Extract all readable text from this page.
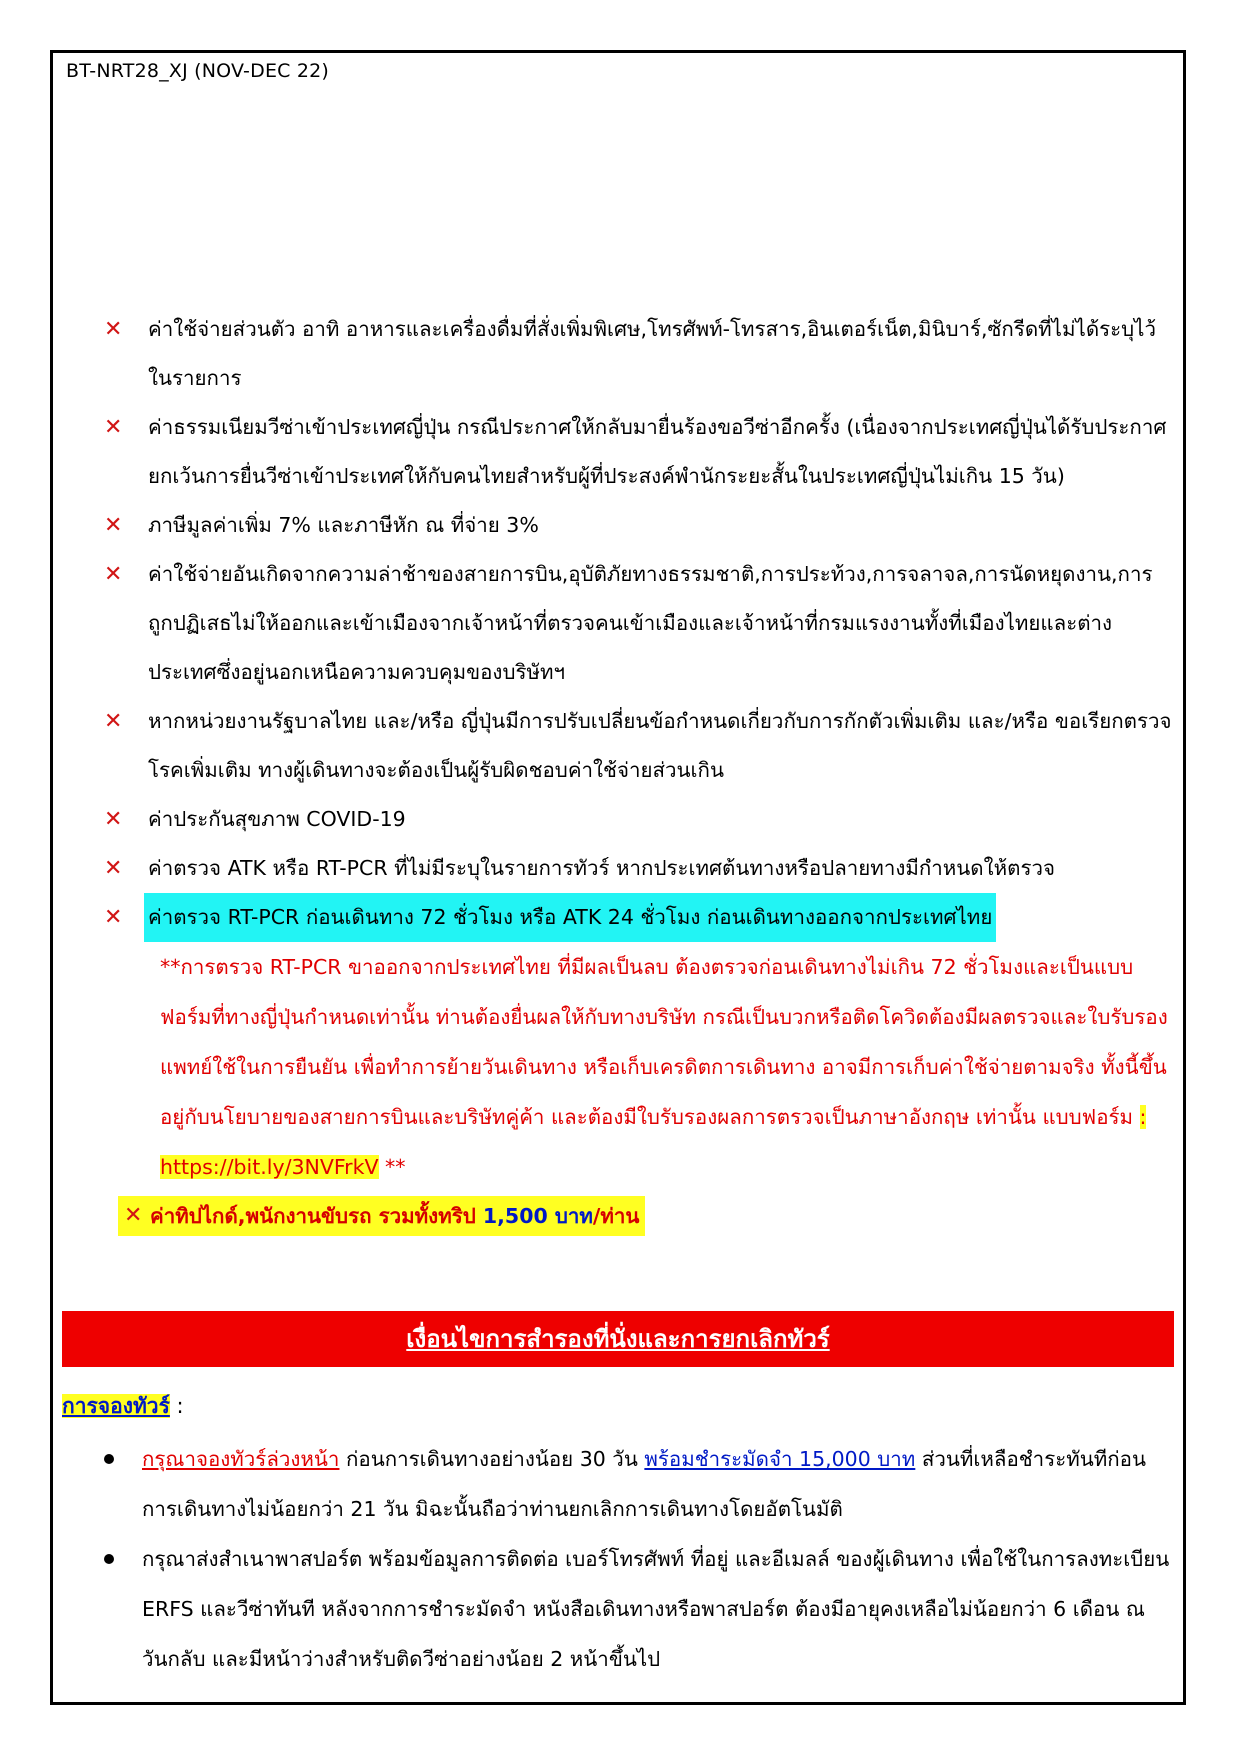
BT-NRT28_XJ (NOV-DEC 22)

✕	ค่าใช้จ่ายส่วนตัว อาทิ อาหารและเครื่องดื่มที่สั่งเพิ่มพิเศษ,โทรศัพท์-โทรสาร,อินเตอร์เน็ต,มินิบาร์,ซักรีดที่ไม่ได้ระบุไว้ในรายการ

✕	ค่าธรรมเนียมวีซ่าเข้าประเทศญี่ปุ่น กรณีประกาศให้กลับมายื่นร้องขอวีซ่าอีกครั้ง (เนื่องจากประเทศญี่ปุ่นได้รับประกาศยกเว้นการยื่นวีซ่าเข้าประเทศให้กับคนไทยสำหรับผู้ที่ประสงค์พำนักระยะสั้นในประเทศญี่ปุ่นไม่เกิน 15 วัน)

✕	ภาษีมูลค่าเพิ่ม 7% และภาษีหัก ณ ที่จ่าย 3%

✕	ค่าใช้จ่ายอันเกิดจากความล่าช้าของสายการบิน,อุบัติภัยทางธรรมชาติ,การประท้วง,การจลาจล,การนัดหยุดงาน,การถูกปฏิเสธไม่ให้ออกและเข้าเมืองจากเจ้าหน้าที่ตรวจคนเข้าเมืองและเจ้าหน้าที่กรมแรงงานทั้งที่เมืองไทยและต่างประเทศซึ่งอยู่นอกเหนือความควบคุมของบริษัทฯ

✕	หากหน่วยงานรัฐบาลไทย และ/หรือ ญี่ปุ่นมีการปรับเปลี่ยนข้อกำหนดเกี่ยวกับการกักตัวเพิ่มเติม และ/หรือ ขอเรียกตรวจโรคเพิ่มเติม ทางผู้เดินทางจะต้องเป็นผู้รับผิดชอบค่าใช้จ่ายส่วนเกิน

✕	ค่าประกันสุขภาพ COVID-19

✕	ค่าตรวจ ATK หรือ RT-PCR ที่ไม่มีระบุในรายการทัวร์ หากประเทศต้นทางหรือปลายทางมีกำหนดให้ตรวจ

✕	ค่าตรวจ RT-PCR ก่อนเดินทาง 72 ชั่วโมง หรือ ATK 24 ชั่วโมง ก่อนเดินทางออกจากประเทศไทย

**การตรวจ RT-PCR ขาออกจากประเทศไทย ที่มีผลเป็นลบ ต้องตรวจก่อนเดินทางไม่เกิน 72 ชั่วโมงและเป็นแบบฟอร์มที่ทางญี่ปุ่นกำหนดเท่านั้น ท่านต้องยื่นผลให้กับทางบริษัท กรณีเป็นบวกหรือติดโควิดต้องมีผลตรวจและใบรับรองแพทย์ใช้ในการยืนยัน เพื่อทำการย้ายวันเดินทาง หรือเก็บเครดิตการเดินทาง อาจมีการเก็บค่าใช้จ่ายตามจริง ทั้งนี้ขึ้นอยู่กับนโยบายของสายการบินและบริษัทคู่ค้า และต้องมีใบรับรองผลการตรวจเป็นภาษาอังกฤษ เท่านั้น แบบฟอร์ม : https://bit.ly/3NVFrkV **
✕ ค่าทิปไกด์,พนักงานขับรถ รวมทั้งทริป 1,500 บาท/ท่าน
เงื่อนไขการสำรองที่นั่งและการยกเลิกทัวร์
การจองทัวร์ :
กรุณาจองทัวร์ล่วงหน้า ก่อนการเดินทางอย่างน้อย 30 วัน พร้อมชำระมัดจำ 15,000 บาท ส่วนที่เหลือชำระทันทีก่อนการเดินทางไม่น้อยกว่า 21 วัน มิฉะนั้นถือว่าท่านยกเลิกการเดินทางโดยอัตโนมัติ
กรุณาส่งสำเนาพาสปอร์ต พร้อมข้อมูลการติดต่อ เบอร์โทรศัพท์ ที่อยู่ และอีเมลล์ ของผู้เดินทาง เพื่อใช้ในการลงทะเบียน ERFS และวีซ่าทันที หลังจากการชำระมัดจำ หนังสือเดินทางหรือพาสปอร์ต ต้องมีอายุคงเหลือไม่น้อยกว่า 6 เดือน ณ วันกลับ และมีหน้าว่างสำหรับติดวีซ่าอย่างน้อย 2 หน้าขึ้นไป
